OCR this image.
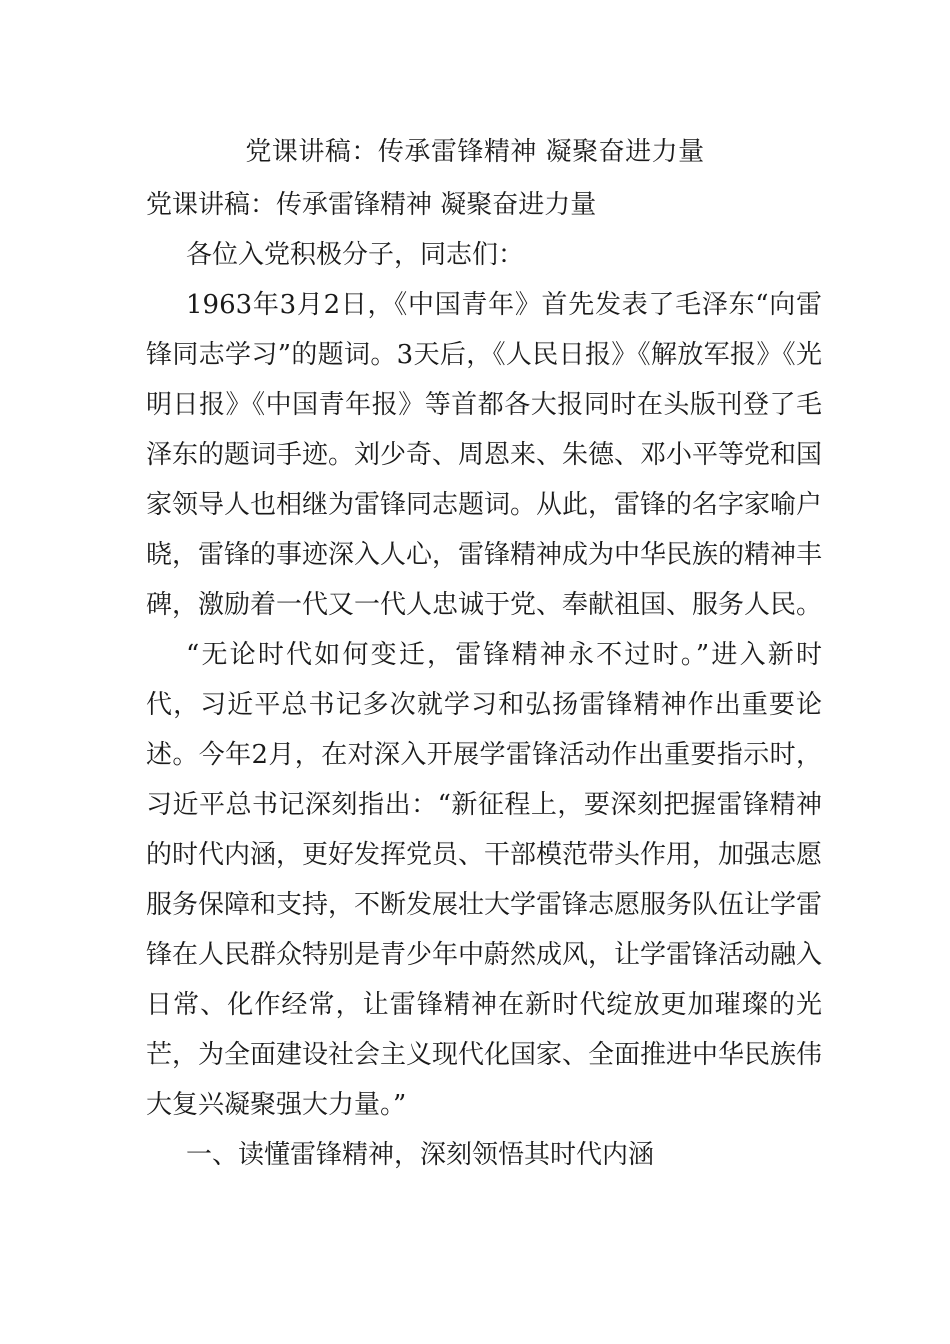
党课讲稿：传承雷锋精神 凝聚奋进力量

党课讲稿：传承雷锋精神 凝聚奋进力量

各位入党积极分子，同志们：

1963年3月2日，《中国青年》首先发表了毛泽东“向雷锋同志学习”的题词。3天后，《人民日报》《解放军报》《光明日报》《中国青年报》等首都各大报同时在头版刊登了毛泽东的题词手迹。刘少奇、周恩来、朱德、邓小平等党和国家领导人也相继为雷锋同志题词。从此，雷锋的名字家喻户晓，雷锋的事迹深入人心，雷锋精神成为中华民族的精神丰碑，激励着一代又一代人忠诚于党、奉献祖国、服务人民。

“无论时代如何变迁，雷锋精神永不过时。”进入新时代，习近平总书记多次就学习和弘扬雷锋精神作出重要论述。今年2月，在对深入开展学雷锋活动作出重要指示时，习近平总书记深刻指出：“新征程上，要深刻把握雷锋精神的时代内涵，更好发挥党员、干部模范带头作用，加强志愿服务保障和支持，不断发展壮大学雷锋志愿服务队伍让学雷锋在人民群众特别是青少年中蔚然成风，让学雷锋活动融入日常、化作经常，让雷锋精神在新时代绽放更加璀璨的光芒，为全面建设社会主义现代化国家、全面推进中华民族伟大复兴凝聚强大力量。”

一、读懂雷锋精神，深刻领悟其时代内涵
